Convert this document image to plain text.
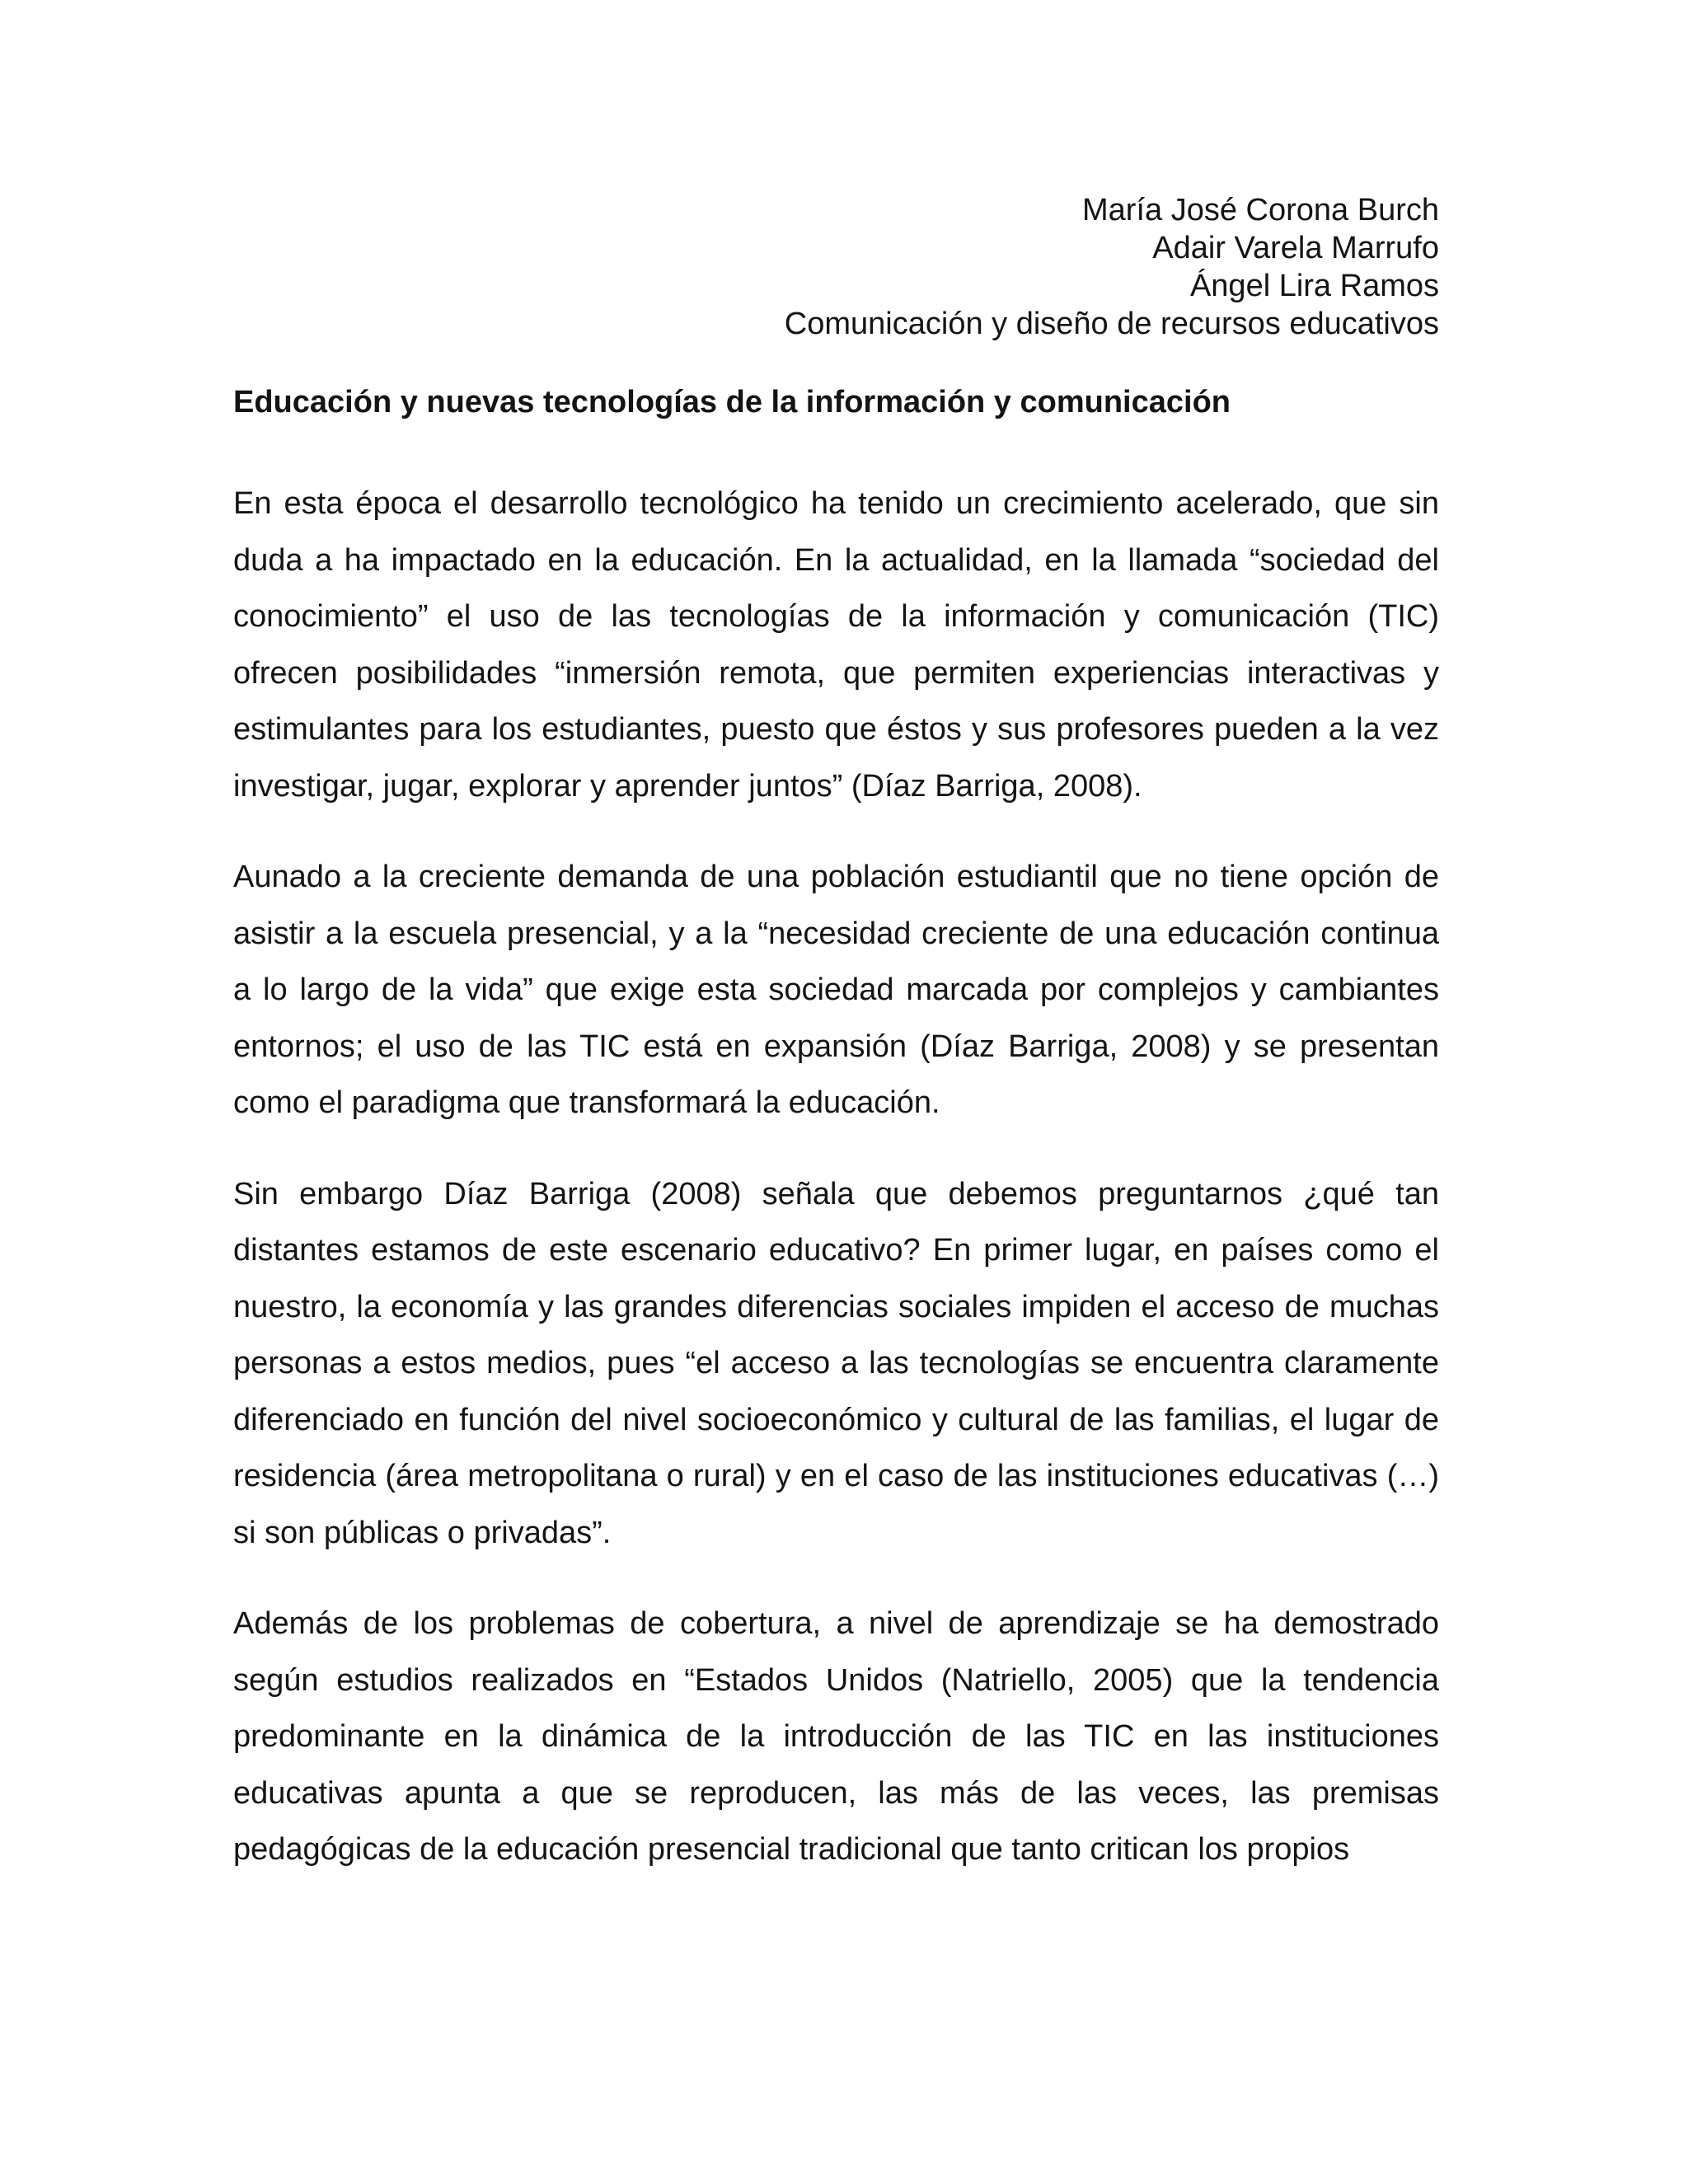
María José Corona Burch
Adair Varela Marrufo
Ángel Lira Ramos
Comunicación y diseño de recursos educativos
Educación y nuevas tecnologías de la información y comunicación

En esta época el desarrollo tecnológico ha tenido un crecimiento acelerado, que sin duda a ha impactado en la educación. En la actualidad, en la llamada “sociedad del conocimiento” el uso de las tecnologías de la información y comunicación (TIC) ofrecen posibilidades “inmersión remota, que permiten experiencias interactivas y estimulantes para los estudiantes, puesto que éstos y sus profesores pueden a la vez investigar, jugar, explorar y aprender juntos” (Díaz Barriga, 2008).

Aunado a la creciente demanda de una población estudiantil que no tiene opción de asistir a la escuela presencial, y a la “necesidad creciente de una educación continua a lo largo de la vida” que exige esta sociedad marcada por complejos y cambiantes entornos; el uso de las TIC está en expansión (Díaz Barriga, 2008) y se presentan como el paradigma que transformará la educación.

Sin embargo Díaz Barriga (2008) señala que debemos preguntarnos ¿qué tan distantes estamos de este escenario educativo? En primer lugar, en países como el nuestro, la economía y las grandes diferencias sociales impiden el acceso de muchas personas a estos medios, pues “el acceso a las tecnologías se encuentra claramente diferenciado en función del nivel socioeconómico y cultural de las familias, el lugar de residencia (área metropolitana o rural) y en el caso de las instituciones educativas (…) si son públicas o privadas”.

Además de los problemas de cobertura, a nivel de aprendizaje se ha demostrado según estudios realizados en “Estados Unidos (Natriello, 2005) que la tendencia predominante en la dinámica de la introducción de las TIC en las instituciones educativas apunta a que se reproducen, las más de las veces, las premisas pedagógicas de la educación presencial tradicional que tanto critican los propios
